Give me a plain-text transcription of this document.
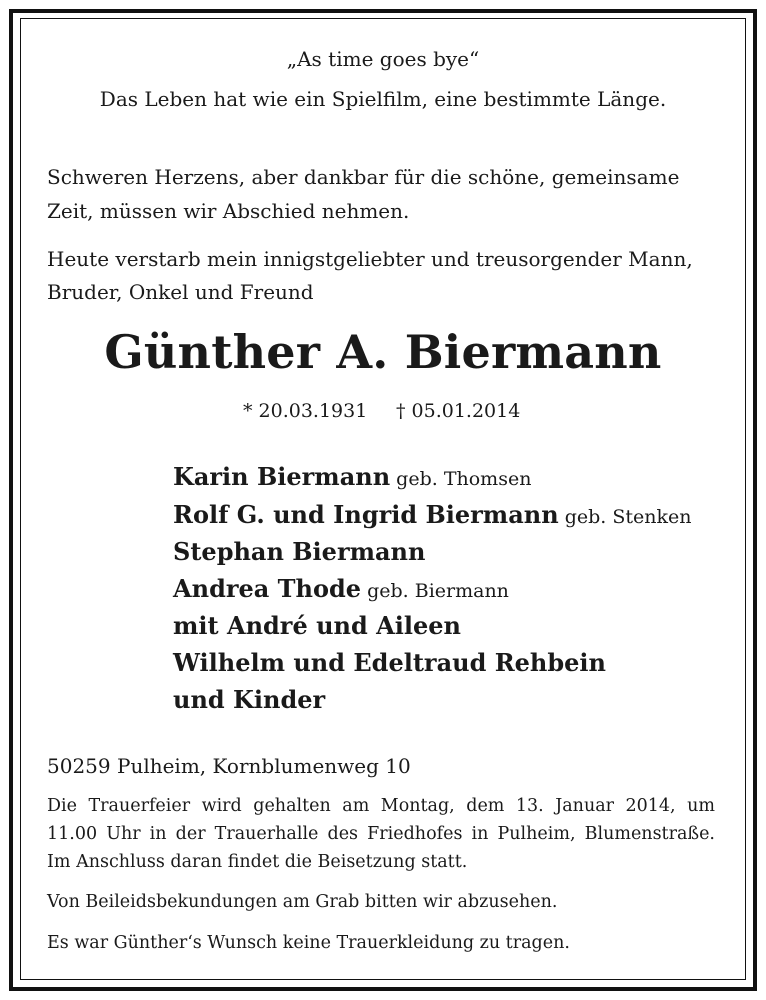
„As time goes bye“
Das Leben hat wie ein Spielfilm, eine bestimmte Länge.
Schweren Herzens, aber dankbar für die schöne, gemeinsame
Zeit, müssen wir Abschied nehmen.
Heute verstarb mein innigstgeliebter und treusorgender Mann,
Bruder, Onkel und Freund
Günther A. Biermann
* 20.03.1931 † 05.01.2014
Karin Biermann geb. Thomsen
Rolf G. und Ingrid Biermann geb. Stenken
Stephan Biermann
Andrea Thode geb. Biermann
mit André und Aileen
Wilhelm und Edeltraud Rehbein
und Kinder
50259 Pulheim, Kornblumenweg 10
Die Trauerfeier wird gehalten am Montag, dem 13. Januar 2014, um
11.00 Uhr in der Trauerhalle des Friedhofes in Pulheim, Blumenstraße.
Im Anschluss daran findet die Beisetzung statt.
Von Beileidsbekundungen am Grab bitten wir abzusehen.
Es war Günther‘s Wunsch keine Trauerkleidung zu tragen.
